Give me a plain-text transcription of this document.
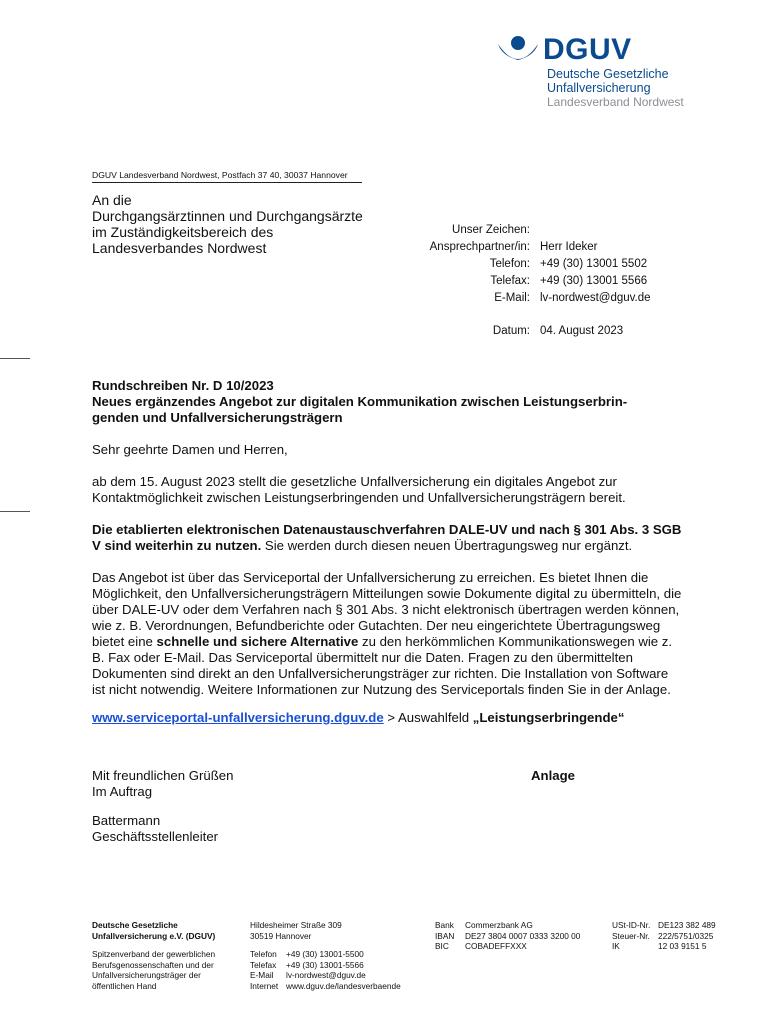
DGUV
Deutsche Gesetzliche
Unfallversicherung
Landesverband Nordwest
DGUV Landesverband Nordwest, Postfach 37 40, 30037 Hannover
An die
Durchgangsärztinnen und Durchgangsärzte
im Zuständigkeitsbereich des
Landesverbandes Nordwest
Unser Zeichen:
Ansprechpartner/in: Herr Ideker
Telefon: +49 (30) 13001 5502
Telefax: +49 (30) 13001 5566
E-Mail: lv-nordwest@dguv.de
Datum: 04. August 2023

Rundschreiben Nr. D 10/2023

Neues ergänzendes Angebot zur digitalen Kommunikation zwischen Leistungserbrin-

genden und Unfallversicherungsträgern

Sehr geehrte Damen und Herren,

ab dem 15. August 2023 stellt die gesetzliche Unfallversicherung ein digitales Angebot zur Kontaktmöglichkeit zwischen Leistungserbringenden und Unfallversicherungsträgern bereit.

Die etablierten elektronischen Datenaustauschverfahren DALE-UV und nach § 301 Abs. 3 SGB V sind weiterhin zu nutzen. Sie werden durch diesen neuen Übertragungsweg nur ergänzt.

Das Angebot ist über das Serviceportal der Unfallversicherung zu erreichen. Es bietet Ihnen die Möglichkeit, den Unfallversicherungsträgern Mitteilungen sowie Dokumente digital zu übermitteln, die über DALE-UV oder dem Verfahren nach § 301 Abs. 3 nicht elektronisch übertragen werden können, wie z. B. Verordnungen, Befundberichte oder Gutachten. Der neu eingerichtete Übertragungsweg bietet eine schnelle und sichere Alternative zu den herkömmlichen Kommunikationswegen wie z. B. Fax oder E-Mail. Das Serviceportal übermittelt nur die Daten. Fragen zu den übermittelten Dokumenten sind direkt an den Unfallversicherungsträger zur richten. Die Installation von Software ist nicht notwendig. Weitere Informationen zur Nutzung des Serviceportals finden Sie in der Anlage.

www.serviceportal-unfallversicherung.dguv.de > Auswahlfeld „Leistungserbringende“

Mit freundlichen Grüßen
Im Auftrag
Anlage
Battermann
Geschäftsstellenleiter
Deutsche Gesetzliche
Unfallversicherung e.V. (DGUV)
Spitzenverband der gewerblichen
Berufsgenossenschaften und der
Unfallversicherungsträger der
öffentlichen Hand
Hildesheimer Straße 309
30519 Hannover
Telefon	+49 (30) 13001-5500
Telefax	+49 (30) 13001-5566
E-Mail	lv-nordwest@dguv.de
Internet www.dguv.de/landesverbaende
Bank	Commerzbank AG
IBAN	DE27 3804 0007 0333 3200 00
BIC	COBADEFFXXX
USt-ID-Nr. DE123 382 489
Steuer-Nr. 222/5751/0325
IK	12 03 9151 5
